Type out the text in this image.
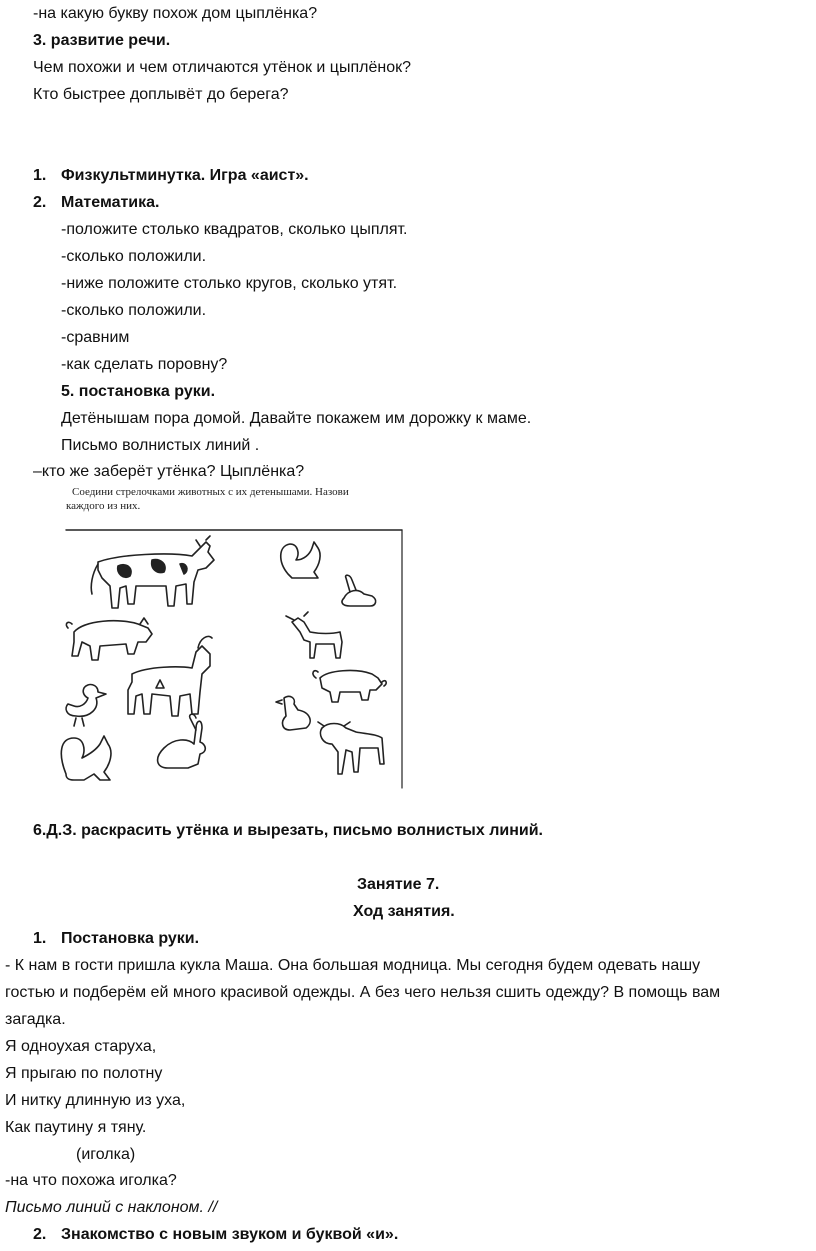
-на какую букву похож дом цыплёнка?
3. развитие речи.
Чем похожи и чем отличаются утёнок и цыплёнок?
Кто быстрее доплывёт до берега?
1. Физкультминутка. Игра «аист».
2. Математика.
-положите столько квадратов, сколько цыплят.
-сколько положили.
-ниже положите столько кругов, сколько утят.
-сколько положили.
-сравним
-как сделать поровну?
5. постановка руки.
Детёнышам пора домой. Давайте покажем им дорожку к маме.
Письмо волнистых линий .
–кто же заберёт утёнка? Цыплёнка?
Соедини стрелочками животных с их детенышами. Назови
каждого из них.
6.Д.З. раскрасить утёнка и вырезать, письмо волнистых линий.
Занятие 7.
Ход занятия.
1. Постановка руки.
- К нам в гости пришла кукла Маша. Она большая модница. Мы сегодня будем одевать нашу
гостью и подберём ей много красивой одежды. А без чего нельзя сшить одежду? В помощь вам
загадка.
Я одноухая старуха,
Я прыгаю по полотну
И нитку длинную из уха,
Как паутину я тяну.
(иголка)
-на что похожа иголка?
Письмо линий с наклоном. //
2. Знакомство с новым звуком и буквой «и».
